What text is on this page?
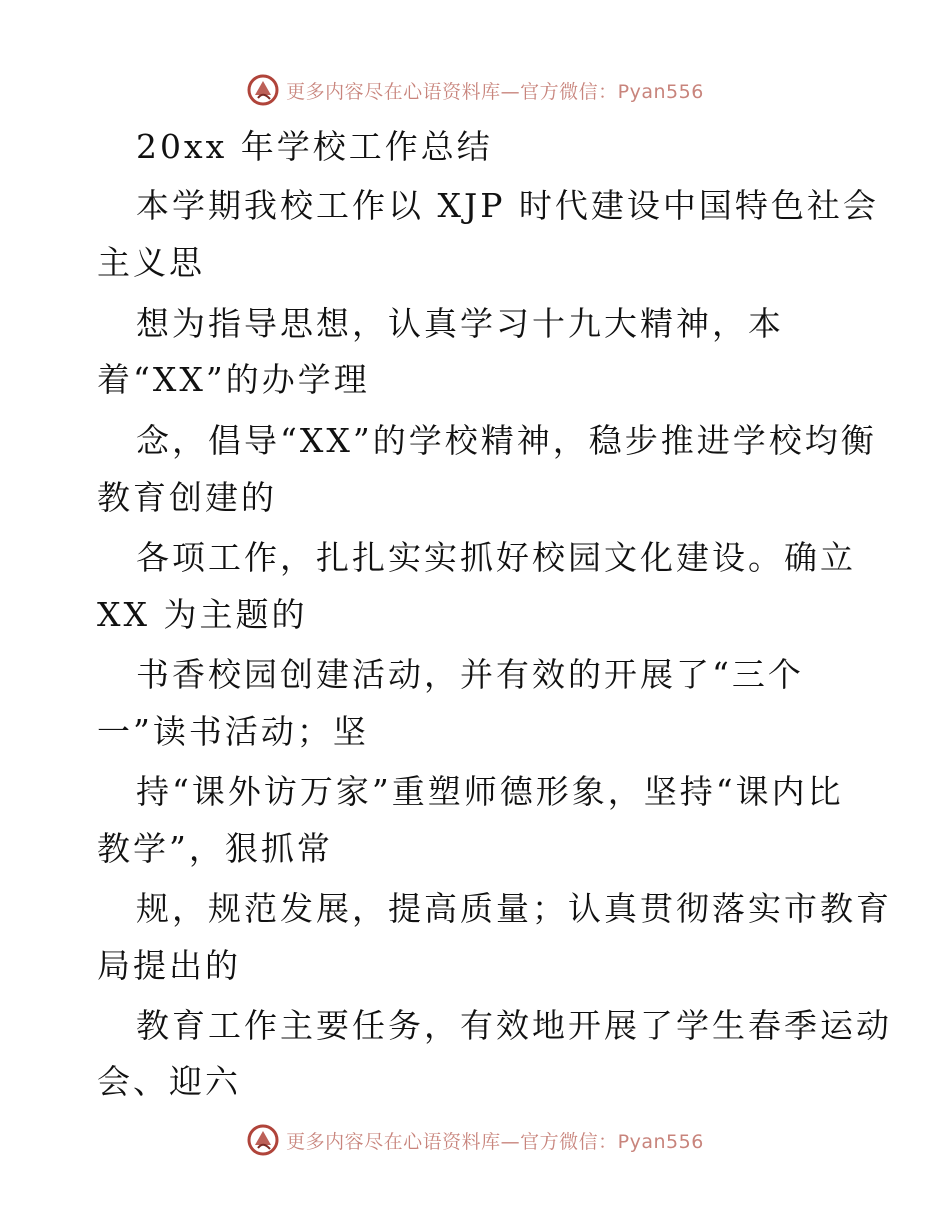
更多内容尽在心语资料库—官方微信：Pyan556
20xx 年学校工作总结
本学期我校工作以 XJP 时代建设中国特色社会
主义思
想为指导思想，认真学习十九大精神，本
着“XX”的办学理
念，倡导“XX”的学校精神，稳步推进学校均衡
教育创建的
各项工作，扎扎实实抓好校园文化建设。确立
XX 为主题的
书香校园创建活动，并有效的开展了“三个
一”读书活动；坚
持“课外访万家”重塑师德形象，坚持“课内比
教学”，狠抓常
规，规范发展，提高质量；认真贯彻落实市教育
局提出的
教育工作主要任务，有效地开展了学生春季运动
会、迎六
更多内容尽在心语资料库—官方微信：Pyan556
